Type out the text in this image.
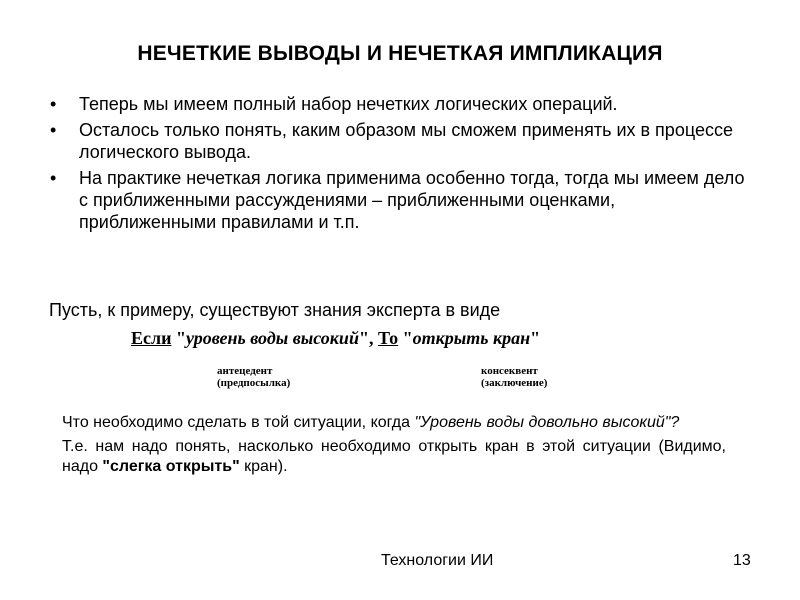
НЕЧЕТКИЕ ВЫВОДЫ И НЕЧЕТКАЯ ИМПЛИКАЦИЯ
• Теперь мы имеем полный набор нечетких логических операций.
• Осталось только понять, каким образом мы сможем применять их в процессе логического вывода.
• На практике нечеткая логика применима особенно тогда, тогда мы имеем дело с приближенными рассуждениями – приближенными оценками, приближенными правилами и т.п.
Пусть, к примеру, существуют знания эксперта в виде
Если "уровень воды высокий", То "открыть кран"
антецедент
(предпосылка)
консеквент
(заключение)

Что необходимо сделать в той ситуации, когда "Уровень воды довольно высокий"?

Т.е. нам надо понять, насколько необходимо открыть кран в этой ситуации (Видимо, надо "слегка открыть" кран).

Технологии ИИ	13
